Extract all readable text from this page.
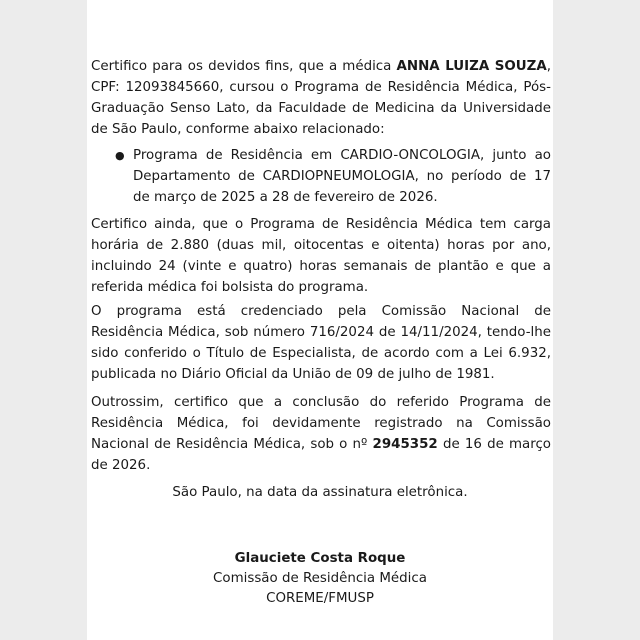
Certifico para os devidos fins, que a médica ANNA LUIZA SOUZA, CPF: 12093845660, cursou o Programa de Residência Médica, Pós-Graduação Senso Lato, da Faculdade de Medicina da Universidade de São Paulo, conforme abaixo relacionado:

● Programa de Residência em CARDIO-ONCOLOGIA, junto ao Departamento de CARDIOPNEUMOLOGIA, no período de 17 de março de 2025 a 28 de fevereiro de 2026.

Certifico ainda, que o Programa de Residência Médica tem carga horária de 2.880 (duas mil, oitocentas e oitenta) horas por ano, incluindo 24 (vinte e quatro) horas semanais de plantão e que a referida médica foi bolsista do programa.

O programa está credenciado pela Comissão Nacional de Residência Médica, sob número 716/2024 de 14/11/2024, tendo-lhe sido conferido o Título de Especialista, de acordo com a Lei 6.932, publicada no Diário Oficial da União de 09 de julho de 1981.

Outrossim, certifico que a conclusão do referido Programa de Residência Médica, foi devidamente registrado na Comissão Nacional de Residência Médica, sob o nº 2945352 de 16 de março de 2026.

São Paulo, na data da assinatura eletrônica.
Glauciete Costa Roque
Comissão de Residência Médica
COREME/FMUSP
